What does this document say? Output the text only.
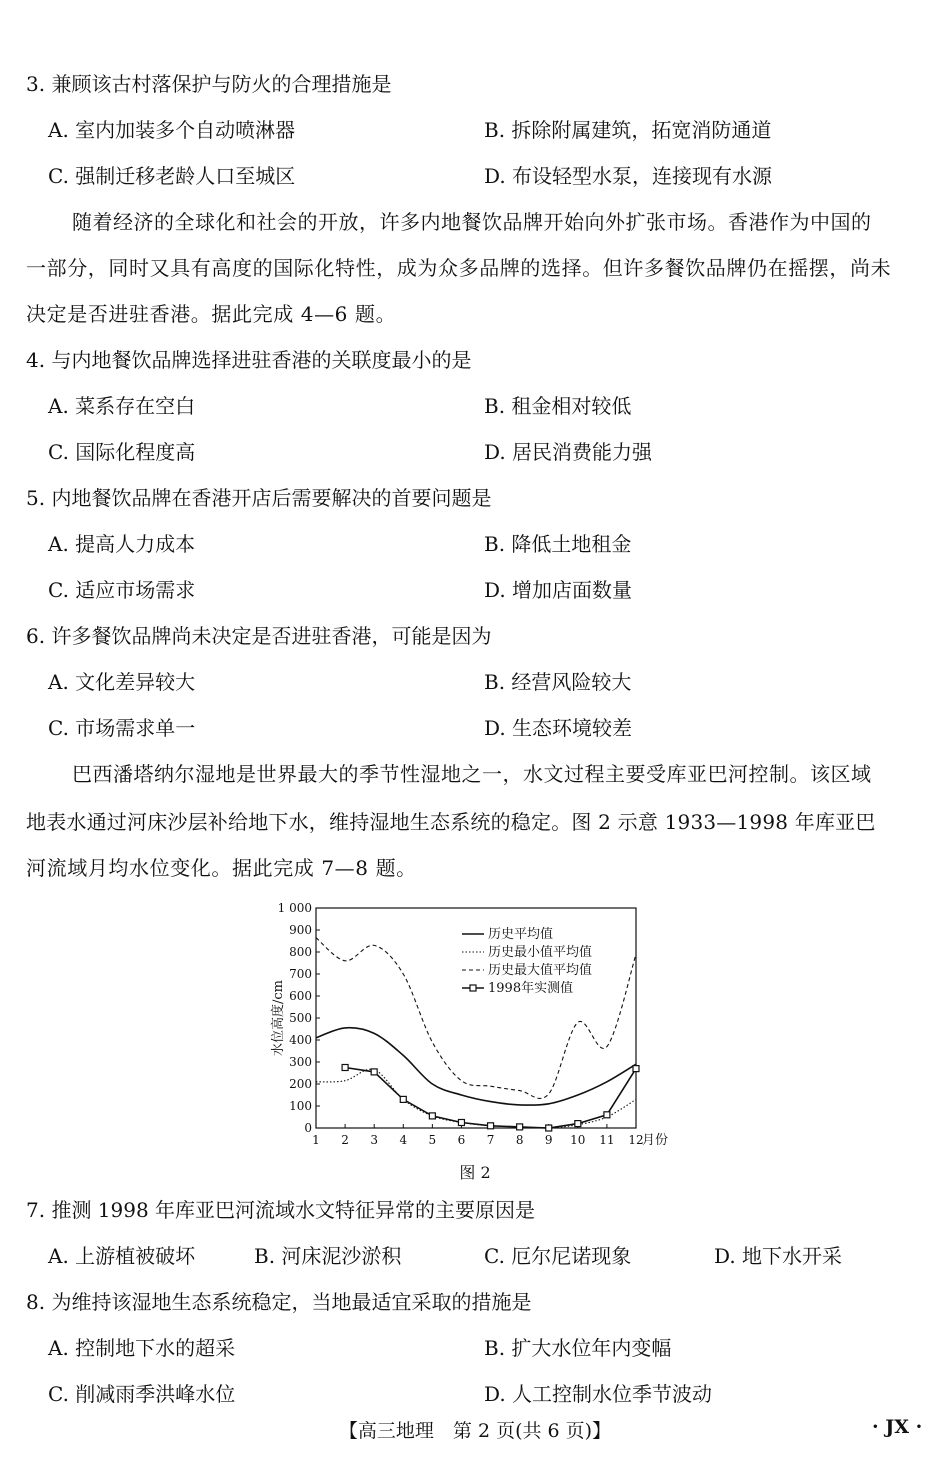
3. 兼顾该古村落保护与防火的合理措施是
A. 室内加装多个自动喷淋器	B. 拆除附属建筑，拓宽消防通道
C. 强制迁移老龄人口至城区	D. 布设轻型水泵，连接现有水源
随着经济的全球化和社会的开放，许多内地餐饮品牌开始向外扩张市场。香港作为中国的
一部分，同时又具有高度的国际化特性，成为众多品牌的选择。但许多餐饮品牌仍在摇摆，尚未
决定是否进驻香港。据此完成 4—6 题。
4. 与内地餐饮品牌选择进驻香港的关联度最小的是
A. 菜系存在空白	B. 租金相对较低
C. 国际化程度高	D. 居民消费能力强
5. 内地餐饮品牌在香港开店后需要解决的首要问题是
A. 提高人力成本	B. 降低土地租金
C. 适应市场需求	D. 增加店面数量
6. 许多餐饮品牌尚未决定是否进驻香港，可能是因为
A. 文化差异较大	B. 经营风险较大
C. 市场需求单一	D. 生态环境较差
巴西潘塔纳尔湿地是世界最大的季节性湿地之一，水文过程主要受库亚巴河控制。该区域
地表水通过河床沙层补给地下水，维持湿地生态系统的稳定。图 2 示意 1933—1998 年库亚巴
河流域月均水位变化。据此完成 7—8 题。
0
100
200
300
400
500
600
700
800
900
1 000
1 2 3 4 5 6 7 8 9 10 11 12
月份
水位高度/cm
历史平均值
历史最小值平均值
历史最大值平均值
1998年实测值
图 2
7. 推测 1998 年库亚巴河流域水文特征异常的主要原因是
A. 上游植被破坏	B. 河床泥沙淤积	C. 厄尔尼诺现象	D. 地下水开采
8. 为维持该湿地生态系统稳定，当地最适宜采取的措施是
A. 控制地下水的超采	B. 扩大水位年内变幅
C. 削减雨季洪峰水位	D. 人工控制水位季节波动
【高三地理　第 2 页(共 6 页)】	· JX ·
